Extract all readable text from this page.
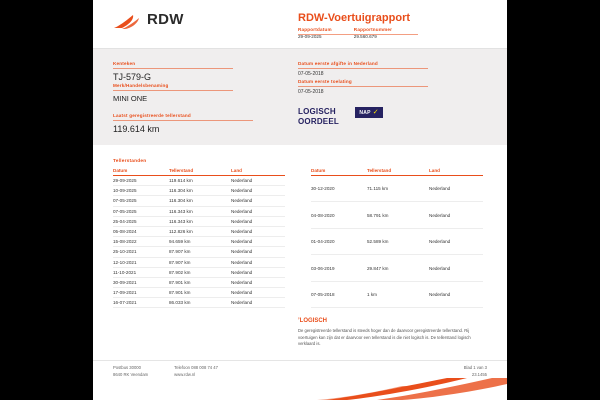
RDW	RDW-Voertuigrapport
Rapportdatum
29-09-2025
Rapportnummer
29.560.679
Kenteken
TJ-579-G
Merk/Handelsbenaming
MINI ONE
Laatst geregistreerde tellerstand
119.614 km
Datum eerste afgifte in Nederland
07-05-2018
Datum eerste toelating
07-05-2018
LOGISCH
OORDEEL
NAP ✓
Tellerstanden
Datum	Tellerstand	Land
29-09-2025	119.614 km	Nederland
10-09-2025	116.304 km	Nederland
07-05-2025	116.304 km	Nederland
07-05-2025	116.343 km	Nederland
25-04-2025	116.343 km	Nederland
05-08-2024	112.826 km	Nederland
15-08-2022	94.659 km	Nederland
25-10-2021	87.907 km	Nederland
12-10-2021	87.907 km	Nederland
11-10-2021	87.902 km	Nederland
30-09-2021	87.901 km	Nederland
17-09-2021	87.901 km	Nederland
16-07-2021	86.033 km	Nederland
Datum	Tellerstand	Land
30-12-2020	71.115 km	Nederland
04-08-2020	58.791 km	Nederland
01-04-2020	52.589 km	Nederland
03-06-2019	29.847 km	Nederland
07-05-2018	1 km	Nederland
’LOGISCH
De geregistreerde tellerstand is steeds hoger dan de daarvoor geregistreerde tellerstand. Rij voertuigen kan zijn dat er daarvoor een tellerstand is die niet logisch is. De tellerstand logisch verklaard is.
Postbus 30000
8640 RK Veendam
Telefoon 088 008 74 47
www.rdw.nl
Blad 1 van 3
23.1455
